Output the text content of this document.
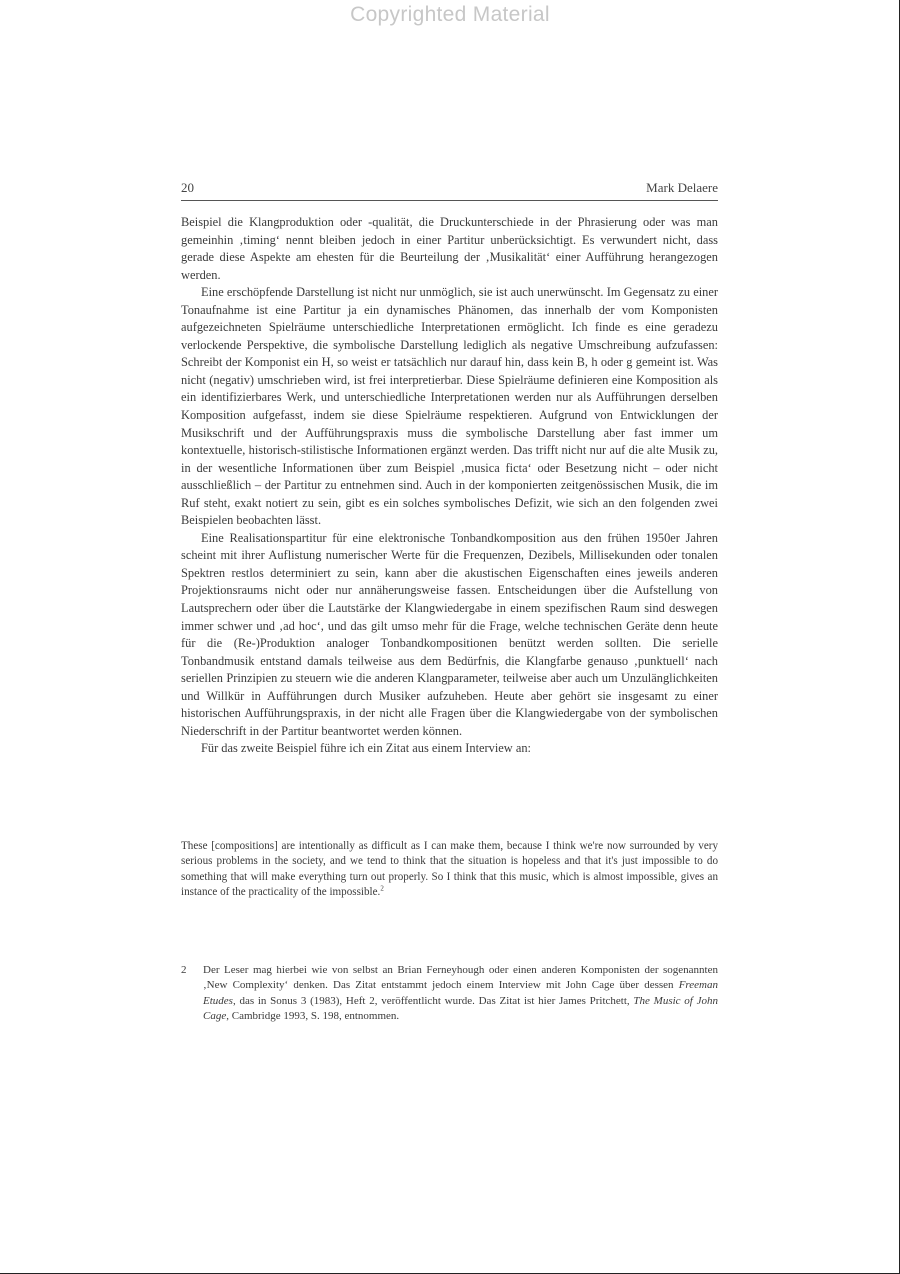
Copyrighted Material
20	Mark Delaere

Beispiel die Klangproduktion oder -qualität, die Druckunterschiede in der Phrasierung oder was man gemeinhin ‚timing‘ nennt bleiben jedoch in einer Partitur unberücksichtigt. Es verwundert nicht, dass gerade diese Aspekte am ehesten für die Beurteilung der ‚Musikalität‘ einer Aufführung herangezogen werden.

Eine erschöpfende Darstellung ist nicht nur unmöglich, sie ist auch unerwünscht. Im Gegensatz zu einer Tonaufnahme ist eine Partitur ja ein dynamisches Phänomen, das innerhalb der vom Komponisten aufgezeichneten Spielräume unterschiedliche Interpretationen ermöglicht. Ich finde es eine geradezu verlockende Perspektive, die symbolische Darstellung lediglich als negative Umschreibung aufzufassen: Schreibt der Komponist ein H, so weist er tatsächlich nur darauf hin, dass kein B, h oder g gemeint ist. Was nicht (negativ) umschrieben wird, ist frei interpretierbar. Diese Spielräume definieren eine Komposition als ein identifizierbares Werk, und unterschiedliche Interpretationen werden nur als Aufführungen derselben Komposition aufgefasst, indem sie diese Spielräume respektieren. Aufgrund von Entwicklungen der Musikschrift und der Aufführungspraxis muss die symbolische Darstellung aber fast immer um kontextuelle, historisch-stilistische Informationen ergänzt werden. Das trifft nicht nur auf die alte Musik zu, in der wesentliche Informationen über zum Beispiel ‚musica ficta‘ oder Besetzung nicht – oder nicht ausschließlich – der Partitur zu entnehmen sind. Auch in der komponierten zeitgenössischen Musik, die im Ruf steht, exakt notiert zu sein, gibt es ein solches symbolisches Defizit, wie sich an den folgenden zwei Beispielen beobachten lässt.

Eine Realisationspartitur für eine elektronische Tonbandkomposition aus den frühen 1950er Jahren scheint mit ihrer Auflistung numerischer Werte für die Frequenzen, Dezibels, Millisekunden oder tonalen Spektren restlos determiniert zu sein, kann aber die akustischen Eigenschaften eines jeweils anderen Projektionsraums nicht oder nur annäherungsweise fassen. Entscheidungen über die Aufstellung von Lautsprechern oder über die Lautstärke der Klangwiedergabe in einem spezifischen Raum sind deswegen immer schwer und ‚ad hoc‘, und das gilt umso mehr für die Frage, welche technischen Geräte denn heute für die (Re-)Produktion analoger Tonbandkompositionen benützt werden sollten. Die serielle Tonbandmusik entstand damals teilweise aus dem Bedürfnis, die Klangfarbe genauso ‚punktuell‘ nach seriellen Prinzipien zu steuern wie die anderen Klangparameter, teilweise aber auch um Unzulänglichkeiten und Willkür in Aufführungen durch Musiker aufzuheben. Heute aber gehört sie insgesamt zu einer historischen Aufführungspraxis, in der nicht alle Fragen über die Klangwiedergabe von der symbolischen Niederschrift in der Partitur beantwortet werden können.

Für das zweite Beispiel führe ich ein Zitat aus einem Interview an:

These [compositions] are intentionally as difficult as I can make them, because I think we're now surrounded by very serious problems in the society, and we tend to think that the situation is hopeless and that it's just impossible to do something that will make everything turn out properly. So I think that this music, which is almost impossible, gives an instance of the practicality of the impossible.$^2$

2 Der Leser mag hierbei wie von selbst an Brian Ferneyhough oder einen anderen Komponisten der sogenannten ‚New Complexity‘ denken. Das Zitat entstammt jedoch einem Interview mit John Cage über dessen Freeman Etudes, das in Sonus 3 (1983), Heft 2, veröffentlicht wurde. Das Zitat ist hier James Pritchett, The Music of John Cage, Cambridge 1993, S. 198, entnommen.
